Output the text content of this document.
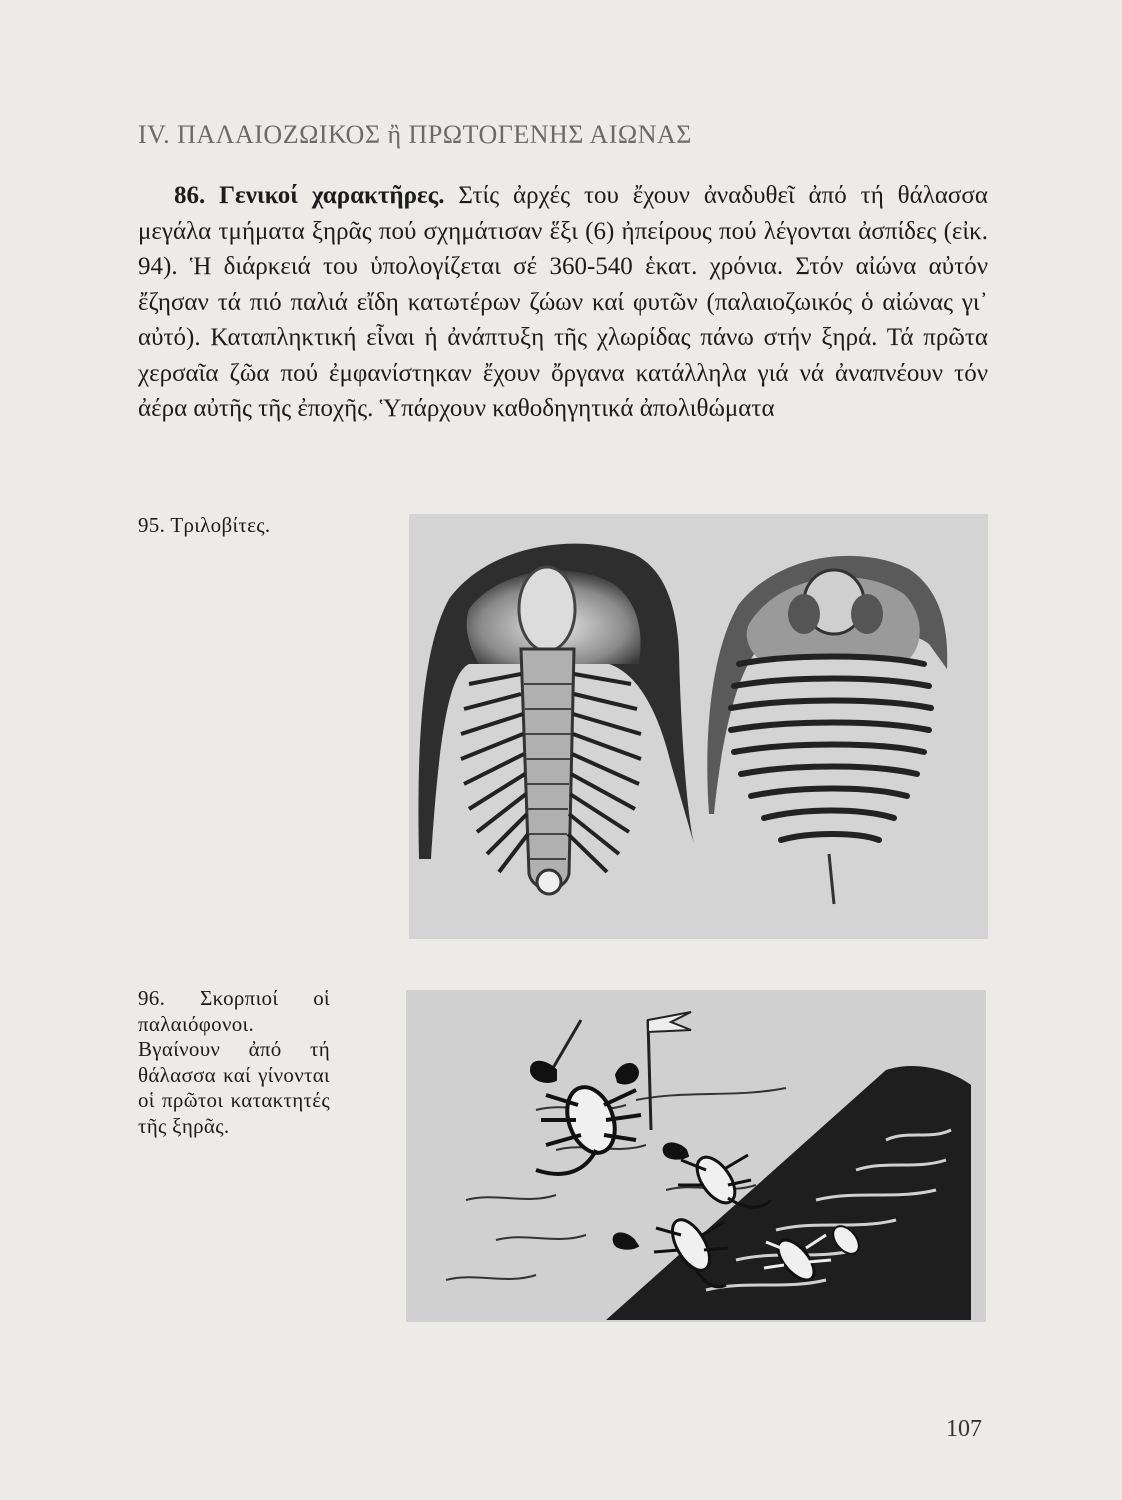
IV. ΠΑΛΑΙΟΖΩΙΚΟΣ ἢ ΠΡΩΤΟΓΕΝΗΣ ΑΙΩΝΑΣ
86. Γενικοί χαρακτῆρες. Στίς ἀρχές του ἔχουν ἀναδυθεῖ ἀπό τή θάλασσα μεγάλα τμήματα ξηρᾶς πού σχημάτισαν ἕξι (6) ἠπείρους πού λέγονται ἀσπίδες (εἰκ. 94). Ἡ διάρκειά του ὑπολογίζεται σέ 360-540 ἑκατ. χρόνια. Στόν αἰώνα αὐτόν ἔζησαν τά πιό παλιά εἴδη κατωτέρων ζώων καί φυτῶν (παλαιοζωικός ὁ αἰώνας γι᾽ αὐτό). Καταπληκτική εἶναι ἡ ἀνάπτυξη τῆς χλωρίδας πάνω στήν ξηρά. Τά πρῶτα χερσαῖα ζῶα πού ἐμφανίστηκαν ἔχουν ὄργανα κατάλληλα γιά νά ἀναπνέουν τόν ἀέρα αὐτῆς τῆς ἐποχῆς. Ὑπάρχουν καθοδηγητικά ἀπολιθώματα
95. Τριλοβίτες.
96. Σκορπιοί οἱ παλαιόφονοι. Βγαίνουν ἀπό τή θάλασσα καί γίνονται οἱ πρῶτοι κατακτητές τῆς ξηρᾶς.
107
